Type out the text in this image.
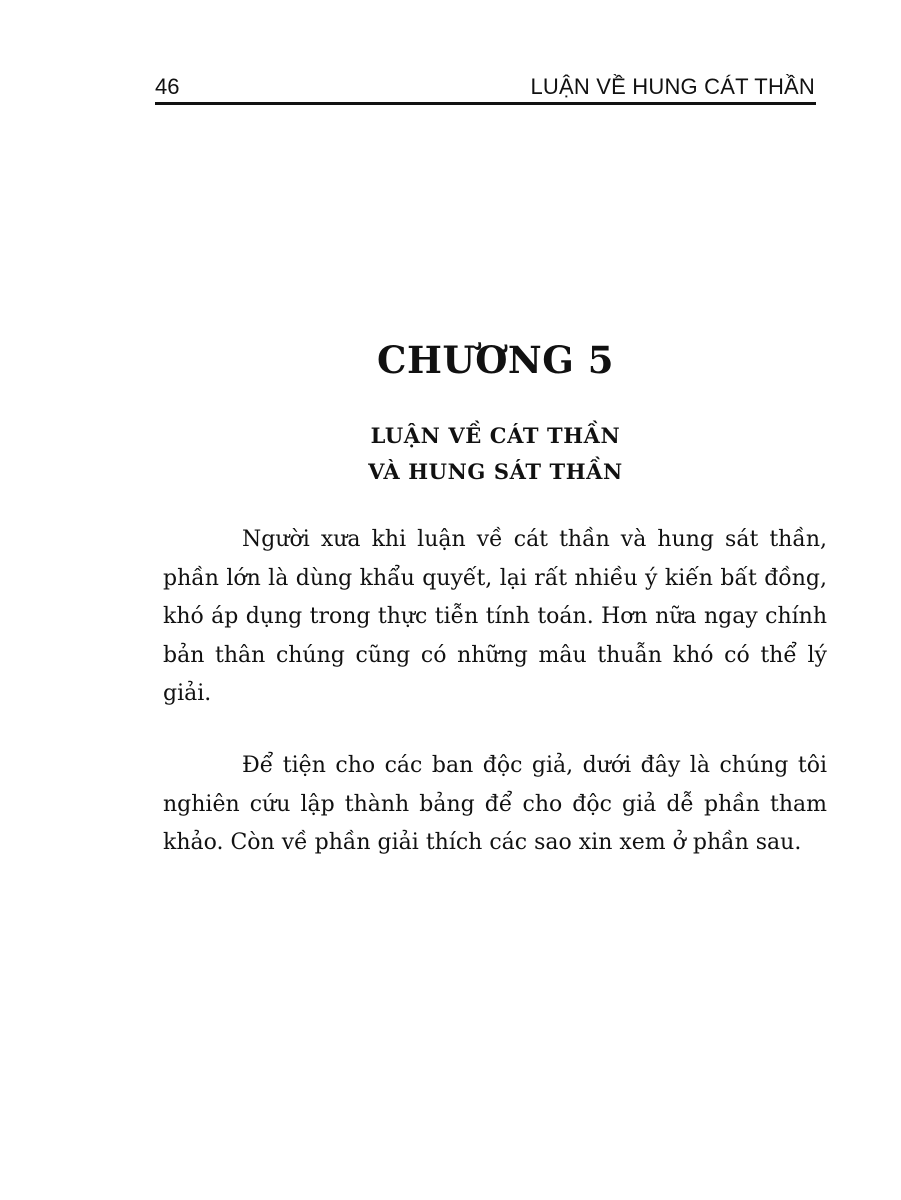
46	LUẬN VỀ HUNG CÁT THẦN
CHƯƠNG 5
LUẬN VỀ CÁT THẦN
VÀ HUNG SÁT THẦN

Người xưa khi luận về cát thần và hung sát thần, phần lớn là dùng khẩu quyết, lại rất nhiều ý kiến bất đồng, khó áp dụng trong thực tiễn tính toán. Hơn nữa ngay chính bản thân chúng cũng có những mâu thuẫn khó có thể lý giải.

Để tiện cho các ban độc giả, dưới đây là chúng tôi nghiên cứu lập thành bảng để cho độc giả dễ phần tham khảo. Còn về phần giải thích các sao xin xem ở phần sau.
